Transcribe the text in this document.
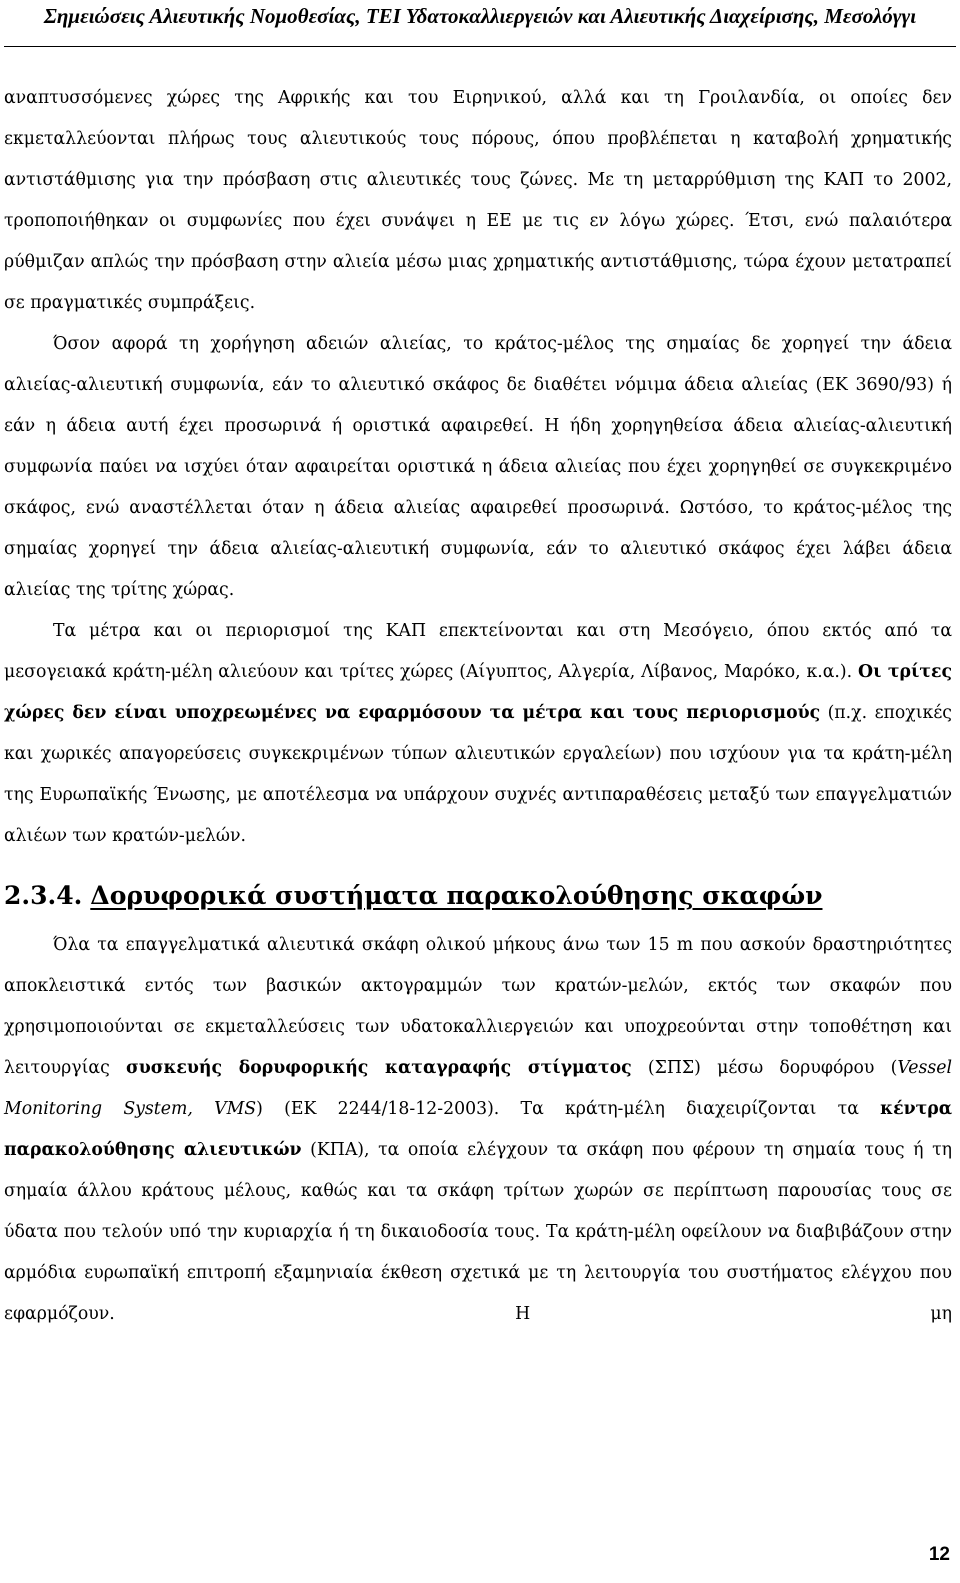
Σημειώσεις Αλιευτικής Νομοθεσίας, ΤΕΙ Υδατοκαλλιεργειών και Αλιευτικής Διαχείρισης, Μεσολόγγι

αναπτυσσόμενες χώρες της Αφρικής και του Ειρηνικού, αλλά και τη Γροιλανδία, οι οποίες δεν εκμεταλλεύονται πλήρως τους αλιευτικούς τους πόρους, όπου προβλέπεται η καταβολή χρηματικής αντιστάθμισης για την πρόσβαση στις αλιευτικές τους ζώνες. Με τη μεταρρύθμιση της ΚΑΠ το 2002, τροποποιήθηκαν οι συμφωνίες που έχει συνάψει η ΕΕ με τις εν λόγω χώρες. Έτσι, ενώ παλαιότερα ρύθμιζαν απλώς την πρόσβαση στην αλιεία μέσω μιας χρηματικής αντιστάθμισης, τώρα έχουν μετατραπεί σε πραγματικές συμπράξεις.

Όσον αφορά τη χορήγηση αδειών αλιείας, το κράτος-μέλος της σημαίας δε χορηγεί την άδεια αλιείας-αλιευτική συμφωνία, εάν το αλιευτικό σκάφος δε διαθέτει νόμιμα άδεια αλιείας (ΕΚ 3690/93) ή εάν η άδεια αυτή έχει προσωρινά ή οριστικά αφαιρεθεί. Η ήδη χορηγηθείσα άδεια αλιείας-αλιευτική συμφωνία παύει να ισχύει όταν αφαιρείται οριστικά η άδεια αλιείας που έχει χορηγηθεί σε συγκεκριμένο σκάφος, ενώ αναστέλλεται όταν η άδεια αλιείας αφαιρεθεί προσωρινά. Ωστόσο, το κράτος-μέλος της σημαίας χορηγεί την άδεια αλιείας-αλιευτική συμφωνία, εάν το αλιευτικό σκάφος έχει λάβει άδεια αλιείας της τρίτης χώρας.

Τα μέτρα και οι περιορισμοί της ΚΑΠ επεκτείνονται και στη Μεσόγειο, όπου εκτός από τα μεσογειακά κράτη-μέλη αλιεύουν και τρίτες χώρες (Αίγυπτος, Αλγερία, Λίβανος, Μαρόκο, κ.α.). Οι τρίτες χώρες δεν είναι υποχρεωμένες να εφαρμόσουν τα μέτρα και τους περιορισμούς (π.χ. εποχικές και χωρικές απαγορεύσεις συγκεκριμένων τύπων αλιευτικών εργαλείων) που ισχύουν για τα κράτη-μέλη της Ευρωπαϊκής Ένωσης, με αποτέλεσμα να υπάρχουν συχνές αντιπαραθέσεις μεταξύ των επαγγελματιών αλιέων των κρατών-μελών.

2.3.4. Δορυφορικά συστήματα παρακολούθησης σκαφών

Όλα τα επαγγελματικά αλιευτικά σκάφη ολικού μήκους άνω των 15 m που ασκούν δραστηριότητες αποκλειστικά εντός των βασικών ακτογραμμών των κρατών-μελών, εκτός των σκαφών που χρησιμοποιούνται σε εκμεταλλεύσεις των υδατοκαλλιεργειών και υποχρεούνται στην τοποθέτηση και λειτουργίας συσκευής δορυφορικής καταγραφής στίγματος (ΣΠΣ) μέσω δορυφόρου (Vessel Monitoring System, VMS) (ΕΚ 2244/18-12-2003). Τα κράτη-μέλη διαχειρίζονται τα κέντρα παρακολούθησης αλιευτικών (ΚΠΑ), τα οποία ελέγχουν τα σκάφη που φέρουν τη σημαία τους ή τη σημαία άλλου κράτους μέλους, καθώς και τα σκάφη τρίτων χωρών σε περίπτωση παρουσίας τους σε ύδατα που τελούν υπό την κυριαρχία ή τη δικαιοδοσία τους. Τα κράτη-μέλη οφείλουν να διαβιβάζουν στην αρμόδια ευρωπαϊκή επιτροπή εξαμηνιαία έκθεση σχετικά με τη λειτουργία του συστήματος ελέγχου που εφαρμόζουν. Η μη

12
